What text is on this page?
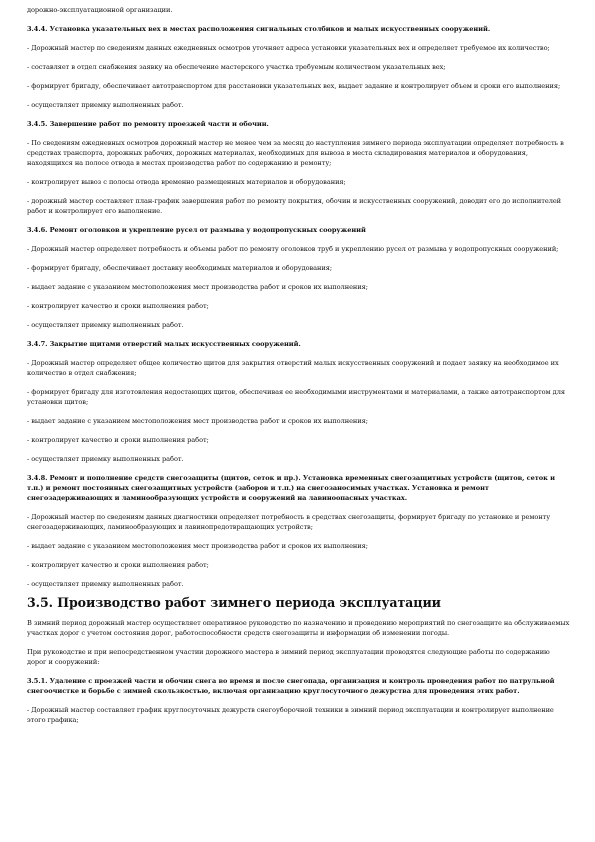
дорожно-эксплуатационной организации.
3.4.4. Установка указательных вех в местах расположения сигнальных столбиков и малых искусственных сооружений.
- Дорожный мастер по сведениям данных ежедневных осмотров уточняет адреса установки указательных вех и определяет требуемое их количество;
- составляет в отдел снабжения заявку на обеспечение мастерского участка требуемым количеством указательных вех;
- формирует бригаду, обеспечивает автотранспортом для расстановки указательных вех, выдает задание и контролирует объем и сроки его выполнения;
- осуществляет приемку выполненных работ.
3.4.5. Завершение работ по ремонту проезжей части и обочин.
- По сведениям ежедневных осмотров дорожный мастер не менее чем за месяц до наступления зимнего периода эксплуатации определяет потребность в средствах транспорта, дорожных рабочих, дорожных материалах, необходимых для вывоза в места складирования материалов и оборудования, находящихся на полосе отвода в местах производства работ по содержанию и ремонту;
- контролирует вывоз с полосы отвода временно размещенных материалов и оборудования;
- дорожный мастер составляет план-график завершения работ по ремонту покрытия, обочин и искусственных сооружений, доводит его до исполнителей работ и контролирует его выполнение.
3.4.6. Ремонт оголовков и укрепление русел от размыва у водопропускных сооружений
- Дорожный мастер определяет потребность и объемы работ по ремонту оголовков труб и укреплению русел от размыва у водопропускных сооружений;
- формирует бригаду, обеспечивает доставку необходимых материалов и оборудования;
- выдает задание с указанием местоположения мест производства работ и сроков их выполнения;
- контролирует качество и сроки выполнения работ;
- осуществляет приемку выполненных работ.
3.4.7. Закрытие щитами отверстий малых искусственных сооружений.
- Дорожный мастер определяет общее количество щитов для закрытия отверстий малых искусственных сооружений и подает заявку на необходимое их количество в отдел снабжения;
- формирует бригаду для изготовления недостающих щитов, обеспечивая ее необходимыми инструментами и материалами, а также автотранспортом для установки щитов;
- выдает задание с указанием местоположения мест производства работ и сроков их выполнения;
- контролирует качество и сроки выполнения работ;
- осуществляет приемку выполненных работ.
3.4.8. Ремонт и пополнение средств снегозащиты (щитов, сеток и пр.). Установка временных снегозащитных устройств (щитов, сеток и т.п.) и ремонт постоянных снегозащитных устройств (заборов и т.п.) на снегозаносимых участках. Установка и ремонт снегозадерживающих и ламинообразующих устройств и сооружений на лавиноопасных участках.
- Дорожный мастер по сведениям данных диагностики определяет потребность в средствах снегозащиты, формирует бригаду по установке и ремонту снегозадерживающих, ламинообразующих и лавинопредотвращающих устройств;
- выдает задание с указанием местоположения мест производства работ и сроков их выполнения;
- контролирует качество и сроки выполнения работ;
- осуществляет приемку выполненных работ.
3.5. Производство работ зимнего периода эксплуатации
В зимний период дорожный мастер осуществляет оперативное руководство по назначению и проведению мероприятий по снегозащите на обслуживаемых участках дорог с учетом состояния дорог, работоспособности средств снегозащиты и информации об изменении погоды.
При руководстве и при непосредственном участии дорожного мастера в зимний период эксплуатации проводятся следующие работы по содержанию дорог и сооружений:
3.5.1. Удаление с проезжей части и обочин снега во время и после снегопада, организация и контроль проведения работ по патрульной снегоочистке и борьбе с зимней скользкостью, включая организацию круглосуточного дежурства для проведения этих работ.
- Дорожный мастер составляет график круглосуточных дежурств снегоуборочной техники в зимний период эксплуатации и контролирует выполнение этого графика;
